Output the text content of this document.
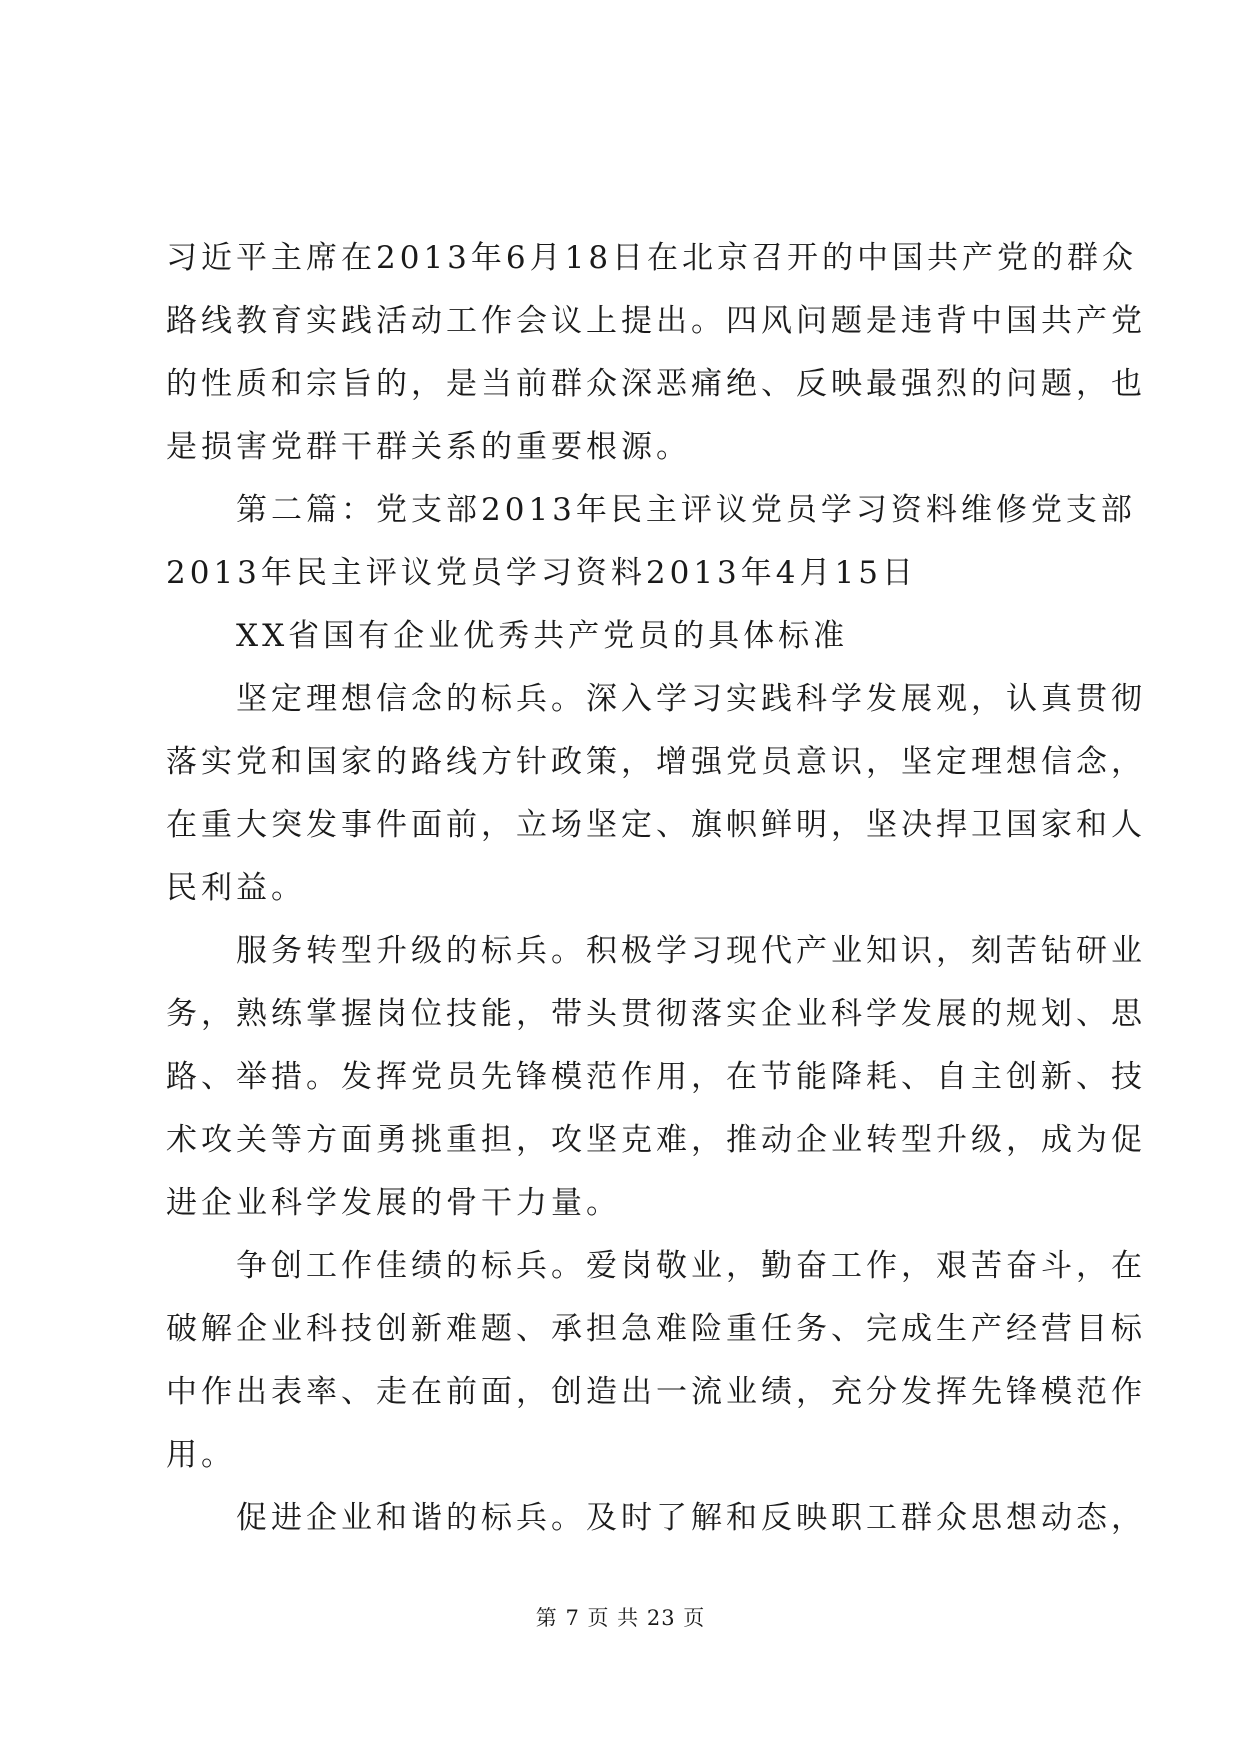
习近平主席在2013年6月18日在北京召开的中国共产党的群众
路线教育实践活动工作会议上提出。四风问题是违背中国共产党
的性质和宗旨的，是当前群众深恶痛绝、反映最强烈的问题，也
是损害党群干群关系的重要根源。
　　第二篇：党支部2013年民主评议党员学习资料维修党支部
2013年民主评议党员学习资料2013年4月15日
　　XX省国有企业优秀共产党员的具体标准
　　坚定理想信念的标兵。深入学习实践科学发展观，认真贯彻
落实党和国家的路线方针政策，增强党员意识，坚定理想信念，
在重大突发事件面前，立场坚定、旗帜鲜明，坚决捍卫国家和人
民利益。
　　服务转型升级的标兵。积极学习现代产业知识，刻苦钻研业
务，熟练掌握岗位技能，带头贯彻落实企业科学发展的规划、思
路、举措。发挥党员先锋模范作用，在节能降耗、自主创新、技
术攻关等方面勇挑重担，攻坚克难，推动企业转型升级，成为促
进企业科学发展的骨干力量。
　　争创工作佳绩的标兵。爱岗敬业，勤奋工作，艰苦奋斗，在
破解企业科技创新难题、承担急难险重任务、完成生产经营目标
中作出表率、走在前面，创造出一流业绩，充分发挥先锋模范作
用。
　　促进企业和谐的标兵。及时了解和反映职工群众思想动态，
第 7 页 共 23 页
